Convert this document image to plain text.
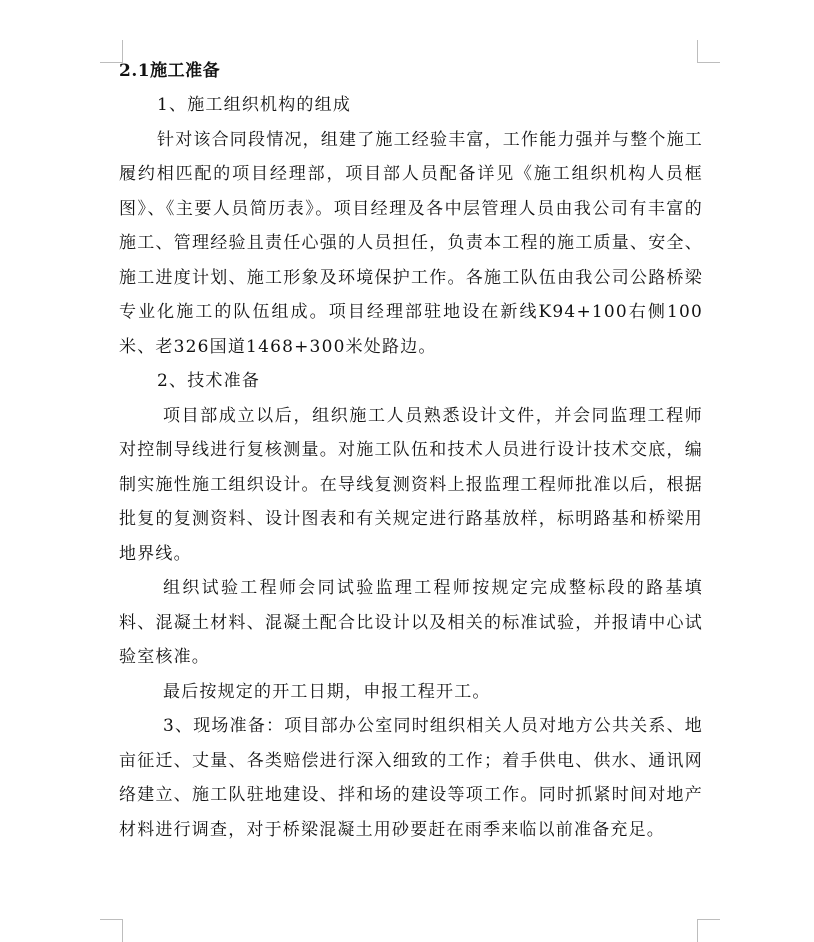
2.1施工准备

1、施工组织机构的组成

针对该合同段情况，组建了施工经验丰富，工作能力强并与整个施工履约相匹配的项目经理部，项目部人员配备详见《施工组织机构人员框图》、《主要人员简历表》。项目经理及各中层管理人员由我公司有丰富的施工、管理经验且责任心强的人员担任，负责本工程的施工质量、安全、施工进度计划、施工形象及环境保护工作。各施工队伍由我公司公路桥梁专业化施工的队伍组成。项目经理部驻地设在新线K94+100右侧100米、老326国道1468+300米处路边。

2、技术准备

项目部成立以后，组织施工人员熟悉设计文件，并会同监理工程师对控制导线进行复核测量。对施工队伍和技术人员进行设计技术交底，编制实施性施工组织设计。在导线复测资料上报监理工程师批准以后，根据批复的复测资料、设计图表和有关规定进行路基放样，标明路基和桥梁用地界线。

组织试验工程师会同试验监理工程师按规定完成整标段的路基填料、混凝土材料、混凝土配合比设计以及相关的标准试验，并报请中心试验室核准。

最后按规定的开工日期，申报工程开工。

3、现场准备：项目部办公室同时组织相关人员对地方公共关系、地亩征迁、丈量、各类赔偿进行深入细致的工作；着手供电、供水、通讯网络建立、施工队驻地建设、拌和场的建设等项工作。同时抓紧时间对地产材料进行调查，对于桥梁混凝土用砂要赶在雨季来临以前准备充足。
